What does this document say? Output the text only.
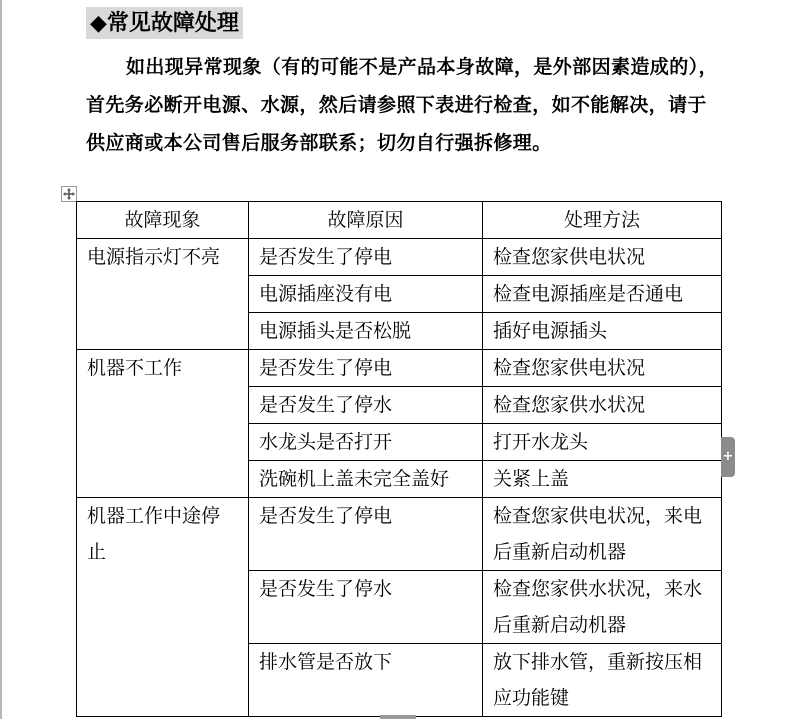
◆常见故障处理

如出现异常现象（有的可能不是产品本身故障，是外部因素造成的），首先务必断开电源、水源，然后请参照下表进行检查，如不能解决，请于供应商或本公司售后服务部联系；切勿自行强拆修理。

故障现象	故障原因	处理方法
电源指示灯不亮	是否发生了停电	检查您家供电状况
	电源插座没有电	检查电源插座是否通电
	电源插头是否松脱	插好电源插头
机器不工作	是否发生了停电	检查您家供电状况
	是否发生了停水	检查您家供水状况
	水龙头是否打开	打开水龙头
	洗碗机上盖未完全盖好	关紧上盖
机器工作中途停止	是否发生了停电	检查您家供电状况，来电后重新启动机器
	是否发生了停水	检查您家供水状况，来水后重新启动机器
	排水管是否放下	放下排水管，重新按压相应功能键
+
